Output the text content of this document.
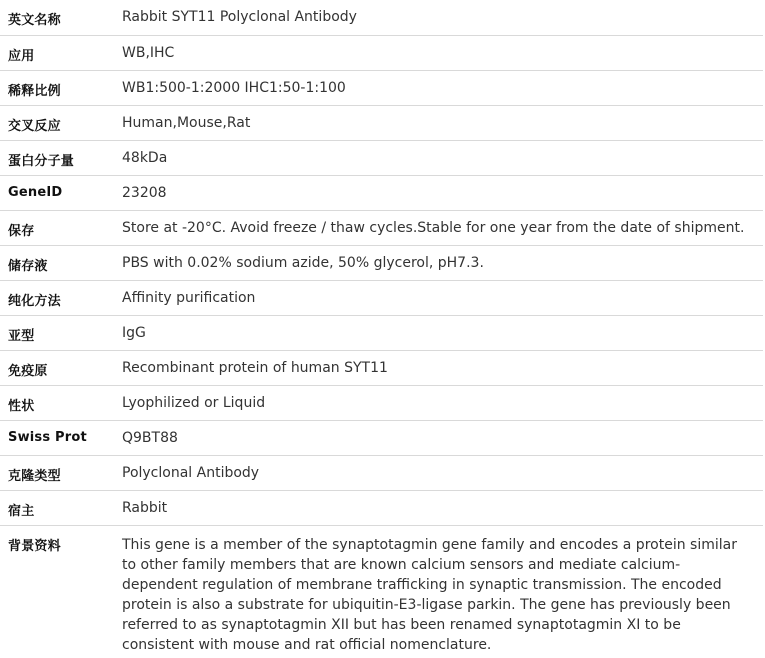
英文名称	Rabbit SYT11 Polyclonal Antibody
应用	WB,IHC
稀释比例	WB1:500-1:2000 IHC1:50-1:100
交叉反应	Human,Mouse,Rat
蛋白分子量	48kDa
GeneID	23208
保存	Store at -20°C. Avoid freeze / thaw cycles.Stable for one year from the date of shipment.
储存液	PBS with 0.02% sodium azide, 50% glycerol, pH7.3.
纯化方法	Affinity purification
亚型	IgG
免疫原	Recombinant protein of human SYT11
性状	Lyophilized or Liquid
Swiss Prot	Q9BT88
克隆类型	Polyclonal Antibody
宿主	Rabbit
背景资料	This gene is a member of the synaptotagmin gene family and encodes a protein similar to other family members that are known calcium sensors and mediate calcium-dependent regulation of membrane trafficking in synaptic transmission. The encoded protein is also a substrate for ubiquitin-E3-ligase parkin. The gene has previously been referred to as synaptotagmin XII but has been renamed synaptotagmin XI to be consistent with mouse and rat official nomenclature.
